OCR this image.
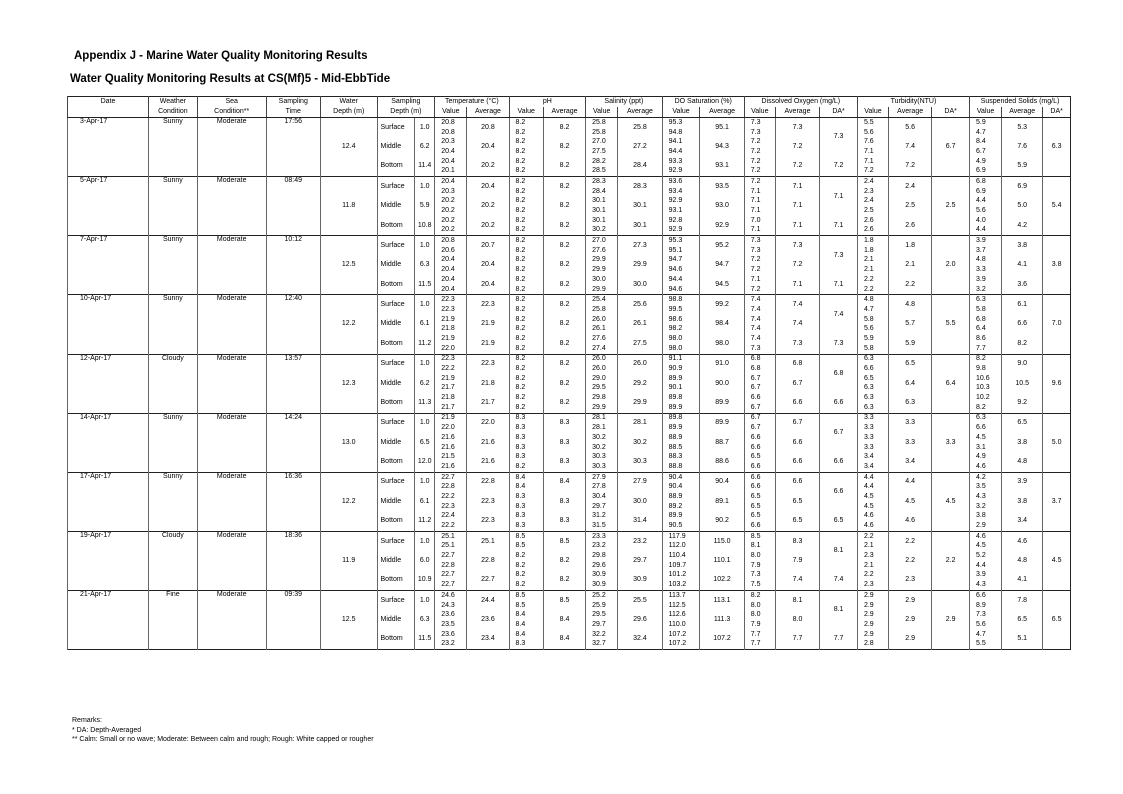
Appendix J - Marine Water Quality Monitoring Results
Water Quality Monitoring Results at CS(Mf)5 - Mid-EbbTide
Date	Weather	Sea	Sampling	Water	Sampling		Temperature (°C)		pH		Salinity (ppt)		DO Saturation (%)		Dissolved Oxygen (mg/L)			Turbidity(NTU)			Suspended Solids (mg/L)		
	Condition	Condition**	Time	Depth (m)	Depth (m)		Value	Average	Value	Average	Value	Average	Value	Average	Value	Average	DA*	Value	Average	DA*	Value	Average	DA*
3-Apr-17	Sunny	Moderate	17:56	12.4	Surface	1.0	20.8	20.8	8.2	8.2	25.8	25.8	95.3	95.1	7.3	7.3	7.3	5.5	5.6	6.7	5.9	5.3	6.3
							20.8		8.2		25.8		94.8		7.3			5.6			4.7		
					Middle	6.2	20.3	20.4	8.2	8.2	27.0	27.2	94.1	94.3	7.2	7.2		7.6	7.4		8.4	7.6	
							20.4		8.2		27.5		94.4		7.2			7.1			6.7		
					Bottom	11.4	20.4	20.2	8.2	8.2	28.2	28.4	93.3	93.1	7.2	7.2	7.2	7.1	7.2		4.9	5.9	
							20.1		8.2		28.5		92.9		7.2			7.2			6.9		
5-Apr-17	Sunny	Moderate	08:49	11.8	Surface	1.0	20.4	20.4	8.2	8.2	28.3	28.3	93.6	93.5	7.2	7.1	7.1	2.4	2.4	2.5	6.8	6.9	5.4
							20.3		8.2		28.4		93.4		7.1			2.3			6.9		
					Middle	5.9	20.2	20.2	8.2	8.2	30.1	30.1	92.9	93.0	7.1	7.1		2.4	2.5		4.4	5.0	
							20.2		8.2		30.1		93.1		7.1			2.5			5.6		
					Bottom	10.8	20.2	20.2	8.2	8.2	30.1	30.1	92.8	92.9	7.0	7.1	7.1	2.6	2.6		4.0	4.2	
							20.2		8.2		30.2		92.9		7.1			2.6			4.4		
7-Apr-17	Sunny	Moderate	10:12	12.5	Surface	1.0	20.8	20.7	8.2	8.2	27.0	27.3	95.3	95.2	7.3	7.3	7.3	1.8	1.8	2.0	3.9	3.8	3.8
							20.6		8.2		27.6		95.1		7.3			1.8			3.7		
					Middle	6.3	20.4	20.4	8.2	8.2	29.9	29.9	94.7	94.7	7.2	7.2		2.1	2.1		4.8	4.1	
							20.4		8.2		29.9		94.6		7.2			2.1			3.3		
					Bottom	11.5	20.4	20.4	8.2	8.2	30.0	30.0	94.4	94.5	7.1	7.1	7.1	2.2	2.2		3.9	3.6	
							20.4		8.2		29.9		94.6		7.2			2.2			3.2		
10-Apr-17	Sunny	Moderate	12:40	12.2	Surface	1.0	22.3	22.3	8.2	8.2	25.4	25.6	98.8	99.2	7.4	7.4	7.4	4.8	4.8	5.5	6.3	6.1	7.0
							22.3		8.2		25.8		99.5		7.4			4.7			5.8		
					Middle	6.1	21.9	21.9	8.2	8.2	26.0	26.1	98.6	98.4	7.4	7.4		5.8	5.7		6.8	6.6	
							21.8		8.2		26.1		98.2		7.4			5.6			6.4		
					Bottom	11.2	21.9	21.9	8.2	8.2	27.6	27.5	98.0	98.0	7.4	7.3	7.3	5.9	5.9		8.6	8.2	
							22.0		8.2		27.4		98.0		7.3			5.8			7.7		
12-Apr-17	Cloudy	Moderate	13:57	12.3	Surface	1.0	22.3	22.3	8.2	8.2	26.0	26.0	91.1	91.0	6.8	6.8	6.8	6.3	6.5	6.4	8.2	9.0	9.6
							22.2		8.2		26.0		90.9		6.8			6.6			9.8		
					Middle	6.2	21.9	21.8	8.2	8.2	29.0	29.2	89.9	90.0	6.7	6.7		6.5	6.4		10.6	10.5	
							21.7		8.2		29.5		90.1		6.7			6.3			10.3		
					Bottom	11.3	21.8	21.7	8.2	8.2	29.8	29.9	89.8	89.9	6.6	6.6	6.6	6.3	6.3		10.2	9.2	
							21.7		8.2		29.9		89.9		6.7			6.3			8.2		
14-Apr-17	Sunny	Moderate	14:24	13.0	Surface	1.0	21.9	22.0	8.3	8.3	28.1	28.1	89.8	89.9	6.7	6.7	6.7	3.3	3.3	3.3	6.3	6.5	5.0
							22.0		8.3		28.1		89.9		6.7			3.3			6.6		
					Middle	6.5	21.6	21.6	8.3	8.3	30.2	30.2	88.9	88.7	6.6	6.6		3.3	3.3		4.5	3.8	
							21.6		8.3		30.2		88.5		6.6			3.3			3.1		
					Bottom	12.0	21.5	21.6	8.3	8.3	30.3	30.3	88.3	88.6	6.5	6.6	6.6	3.4	3.4		4.9	4.8	
							21.6		8.2		30.3		88.8		6.6			3.4			4.6		
17-Apr-17	Sunny	Moderate	16:36	12.2	Surface	1.0	22.7	22.8	8.4	8.4	27.9	27.9	90.4	90.4	6.6	6.6	6.6	4.4	4.4	4.5	4.2	3.9	3.7
							22.8		8.4		27.8		90.4		6.6			4.4			3.5		
					Middle	6.1	22.2	22.3	8.3	8.3	30.4	30.0	88.9	89.1	6.5	6.5		4.5	4.5		4.3	3.8	
							22.3		8.3		29.7		89.2		6.5			4.5			3.2		
					Bottom	11.2	22.4	22.3	8.3	8.3	31.2	31.4	89.9	90.2	6.5	6.5	6.5	4.6	4.6		3.8	3.4	
							22.2		8.3		31.5		90.5		6.6			4.6			2.9		
19-Apr-17	Cloudy	Moderate	18:36	11.9	Surface	1.0	25.1	25.1	8.5	8.5	23.3	23.2	117.9	115.0	8.5	8.3	8.1	2.2	2.2	2.2	4.6	4.6	4.5
							25.1		8.5		23.2		112.0		8.1			2.1			4.5		
					Middle	6.0	22.7	22.8	8.2	8.2	29.8	29.7	110.4	110.1	8.0	7.9		2.3	2.2		5.2	4.8	
							22.8		8.2		29.6		109.7		7.9			2.1			4.4		
					Bottom	10.9	22.7	22.7	8.2	8.2	30.9	30.9	101.2	102.2	7.3	7.4	7.4	2.2	2.3		3.9	4.1	
							22.7		8.2		30.9		103.2		7.5			2.3			4.3		
21-Apr-17	Fine	Moderate	09:39	12.5	Surface	1.0	24.6	24.4	8.5	8.5	25.2	25.5	113.7	113.1	8.2	8.1	8.1	2.9	2.9	2.9	6.6	7.8	6.5
							24.3		8.5		25.9		112.5		8.0			2.9			8.9		
					Middle	6.3	23.6	23.6	8.4	8.4	29.5	29.6	112.6	111.3	8.0	8.0		2.9	2.9		7.3	6.5	
							23.5		8.4		29.7		110.0		7.9			2.9			5.6		
					Bottom	11.5	23.6	23.4	8.4	8.4	32.2	32.4	107.2	107.2	7.7	7.7	7.7	2.9	2.9		4.7	5.1	
							23.2		8.3		32.7		107.2		7.7			2.8			5.5		
Remarks:
* DA: Depth-Averaged
** Calm: Small or no wave; Moderate: Between calm and rough; Rough: White capped or rougher
